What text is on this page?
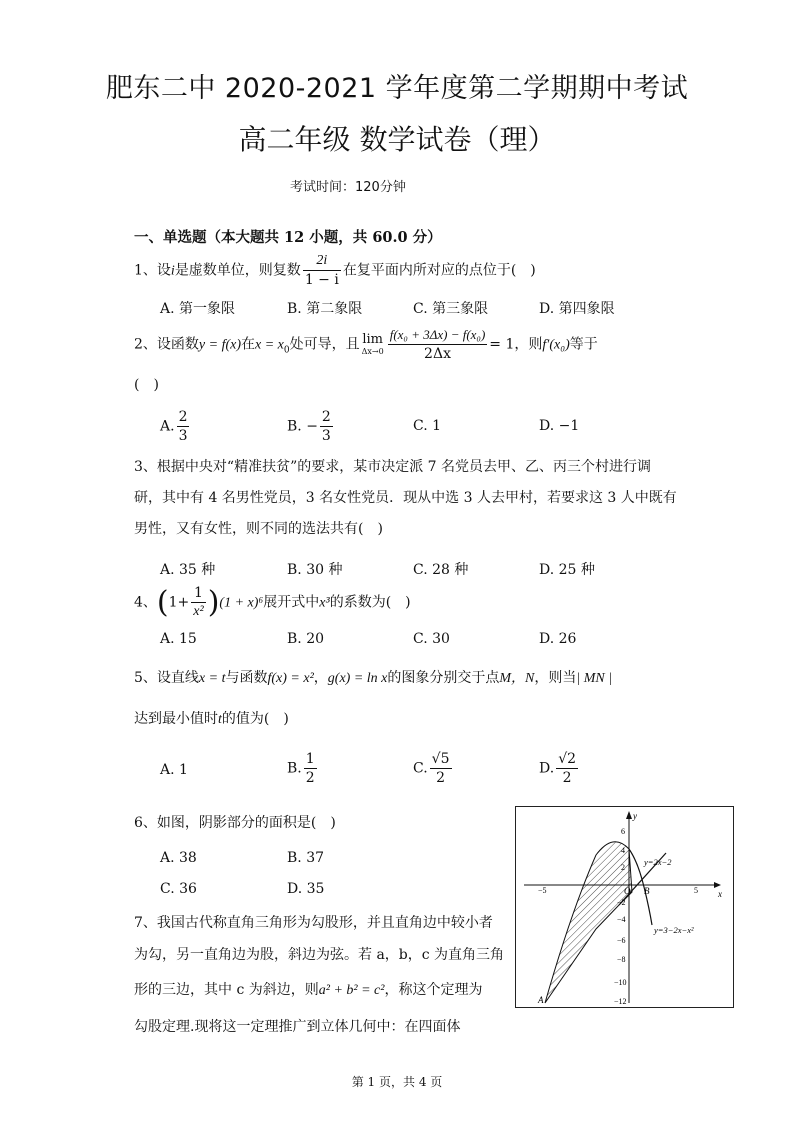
肥东二中 2020-2021 学年度第二学期期中考试
高二年级 数学试卷（理）
考试时间：120分钟
一、单选题（本大题共 12 小题，共 60.0 分）
1、设i是虚数单位，则复数 $\frac{2i}{1 - i}$ 在复平面内所对应的点位于(　)
A. 第一象限	B. 第二象限	C. 第三象限	D. 第四象限
2、设函数y = f(x)在$x = x_0$处可导，且 lim
$\Delta x\to 0 \frac{\text{f(x₀ + 3Δx) − f(x₀)}}{2\Delta x} = 1$，则f′(x₀)等于
(　)
A. $\frac{2}{3}$	B. − $\frac{2}{3}$	C. 1	D. −1
3、根据中央对“精准扶贫”的要求，某市决定派 7 名党员去甲、乙、丙三个村进行调
研，其中有 4 名男性党员，3 名女性党员．现从中选 3 人去甲村，若要求这 3 人中既有
男性，又有女性，则不同的选法共有(　)
A. 35 种	B. 30 种	C. 28 种	D. 25 种
4、$(1+ \frac{1}{\text{x²}} )(1 + x)^6$展开式中x³的系数为(　)
A. 15	B. 20	C. 30	D. 26
5、设直线x = t与函数f(x) = x²，g(x) = ln x的图象分别交于点M，N，则当| MN |
达到最小值时t的值为(　)
A. 1	B. $\frac{1}{2}$	C. $\frac{√5}{2}$	D. $\frac{√2}{2}$
6、如图，阴影部分的面积是(　)
A. 38	B. 37
C. 36	D. 35
7、我国古代称直角三角形为勾股形，并且直角边中较小者
为勾，另一直角边为股，斜边为弦。若 a，b，c 为直角三角
形的三边，其中 c 为斜边，则a² + b² = c²，称这个定理为
勾股定理.现将这一定理推广到立体几何中：在四面体
y
x
6
4
2
−2
−4
−6
−8
−10
−12
−5	5
O B
A
y=2x−2
y=3−2x−x²
第 1 页，共 4 页
